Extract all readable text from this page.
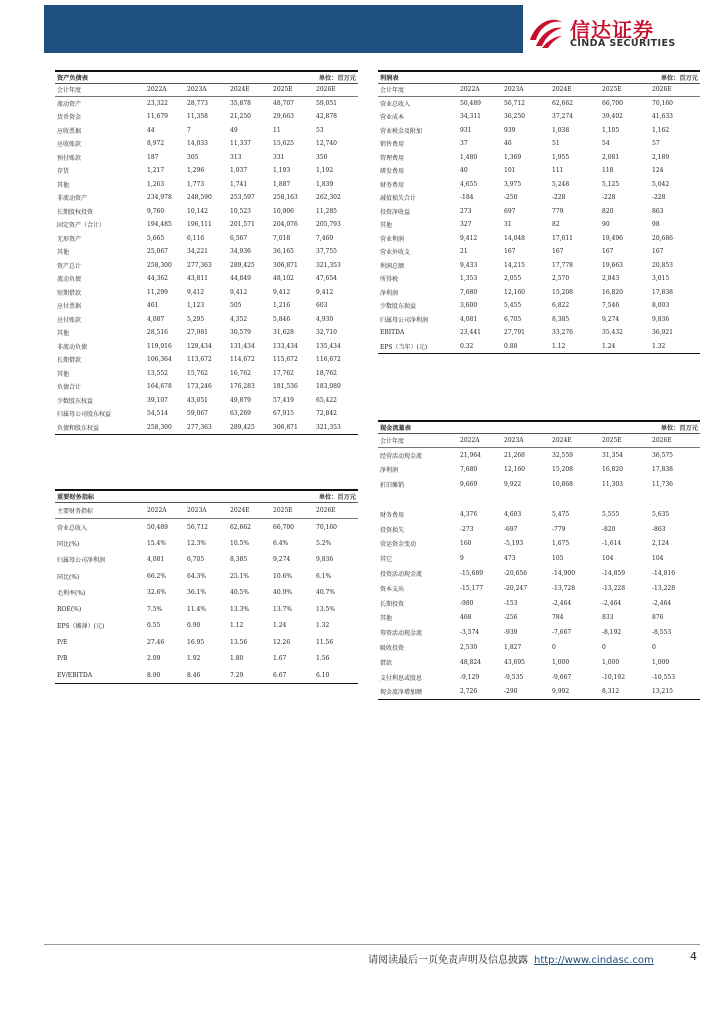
信达证券
CINDA SECURITIES
资产负债表				单位：百万元	
会计年度	2022A	2023A	2024E	2025E	2026E
流动资产	23,322	28,773	35,878	48,707	59,051
货币资金	11,679	11,358	21,250	29,663	42,878
应收票据	44	7	49	11	53
应收账款	8,972	14,033	11,337	15,625	12,740
预付账款	187	305	313	331	350
存货	1,217	1,296	1,037	1,193	1,192
其他	1,263	1,773	1,741	1,887	1,839
非流动资产	234,978	248,590	253,597	258,163	262,302
长期股权投资	9,760	10,142	10,523	10,906	11,285
固定资产（合计）	194,485	196,111	201,571	204,076	205,793
无形资产	5,665	6,116	6,567	7,018	7,469
其他	25,067	34,221	34,936	36,165	37,755
资产总计	258,300	277,363	289,425	306,871	321,353
流动负债	44,362	43,811	44,849	48,102	47,654
短期借款	11,299	9,412	9,412	9,412	9,412
应付票据	461	1,123	505	1,216	603
应付账款	4,087	5,295	4,352	5,846	4,930
其他	28,516	27,981	30,579	31,628	32,710
非流动负债	119,916	129,434	131,434	133,434	135,434
长期借款	106,364	113,672	114,672	115,672	116,672
其他	13,552	15,762	16,762	17,762	18,762
负债合计	164,678	173,246	176,283	181,536	183,089
少数股东权益	39,107	43,051	49,879	57,419	65,422
归属母公司股东权益	54,514	59,067	63,269	67,915	72,842
负债和股东权益	258,300	277,363	289,425	306,871	321,353
重要财务指标				单位：百万元	
主要财务指标	2022A	2023A	2024E	2025E	2026E
营业总收入	50,489	56,712	62,662	66,700	70,160
同比(%)	15.4%	12.3%	10.5%	6.4%	5.2%
归属母公司净利润	4,081	6,705	8,385	9,274	9,836
同比(%)	66.2%	64.3%	25.1%	10.6%	6.1%
毛利率(%)	32.6%	36.1%	40.5%	40.9%	40.7%
ROE(%)	7.5%	11.4%	13.3%	13.7%	13.5%
EPS（摊薄）(元)	0.55	0.90	1.12	1.24	1.32
P/E	27.46	16.95	13.56	12.26	11.56
P/B	2.09	1.92	1.80	1.67	1.56
EV/EBITDA	8.90	8.46	7.29	6.67	6.10
利润表				单位：百万元	
会计年度	2022A	2023A	2024E	2025E	2026E
营业总收入	50,489	56,712	62,662	66,700	70,160
营业成本	34,311	36,250	37,274	39,402	41,633
营业税金及附加	931	939	1,038	1,105	1,162
销售费用	37	46	51	54	57
管理费用	1,480	1,369	1,955	2,081	2,189
研发费用	40	101	111	118	124
财务费用	4,655	3,975	5,248	5,125	5,042
减值损失合计	-184	-250	-228	-228	-228
投资净收益	273	697	779	820	863
其他	327	31	82	90	98
营业利润	9,412	14,048	17,611	19,496	20,686
营业外收支	21	167	167	167	167
利润总额	9,433	14,215	17,778	19,663	20,853
所得税	1,353	2,055	2,570	2,843	3,015
净利润	7,680	12,160	15,208	16,820	17,838
少数股东损益	3,600	5,455	6,822	7,546	8,003
归属母公司净利润	4,081	6,705	8,385	9,274	9,836
EBITDA	23,441	27,791	33,276	35,432	36,921
EPS（当年）(元)	0.32	0.88	1.12	1.24	1.32
现金流量表				单位：百万元	
会计年度	2022A	2023A	2024E	2025E	2026E
经营活动现金流	21,964	21,268	32,559	31,354	36,575
净利润	7,680	12,160	15,208	16,820	17,838
折旧摊销	9,669	9,922	10,868	11,303	11,736

财务费用	4,376	4,603	5,475	5,555	5,635
投资损失	-273	-697	-779	-820	-863
营运资金变动	160	-5,193	1,675	-1,614	2,124
其它	9	473	105	104	104
投资活动现金流	-15,689	-20,656	-14,900	-14,859	-14,816
资本支出	-15,177	-20,247	-13,728	-13,228	-13,228
长期投资	-980	-153	-2,464	-2,464	-2,464
其他	468	-256	784	833	876
筹资活动现金流	-3,574	-939	-7,667	-8,192	-8,553
吸收投资	2,530	1,827	0	0	0
借款	48,824	43,695	1,000	1,000	1,000
支付利息或股息	-9,129	-9,535	-9,667	-10,192	-10,553
现金流净增加额	2,726	-290	9,992	8,312	13,215
请阅读最后一页免责声明及信息披露 http://www.cindasc.com	4
